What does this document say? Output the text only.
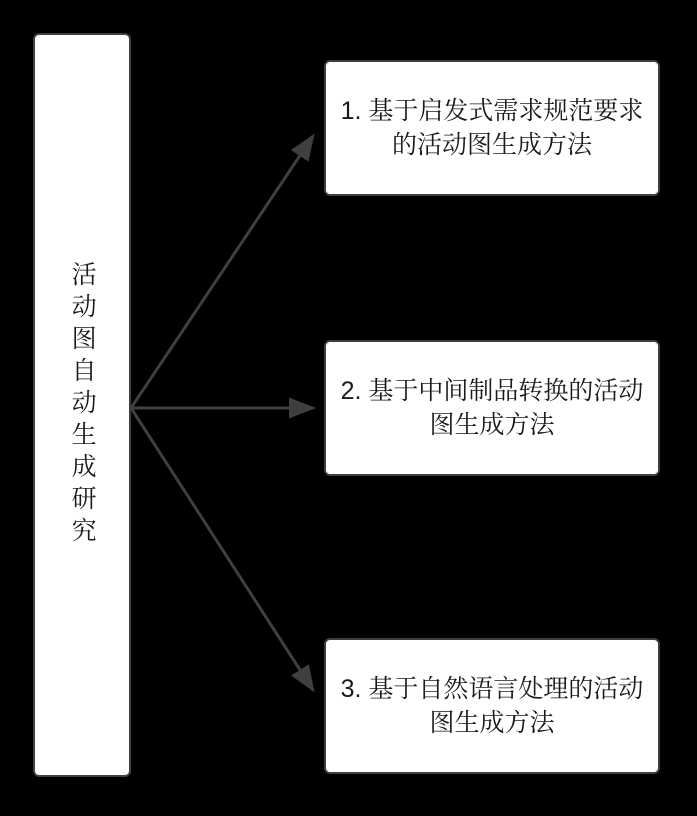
活动图自动生成研究
1. 基于启发式需求规范要求的活动图生成方法
2. 基于中间制品转换的活动图生成方法
3. 基于自然语言处理的活动图生成方法
